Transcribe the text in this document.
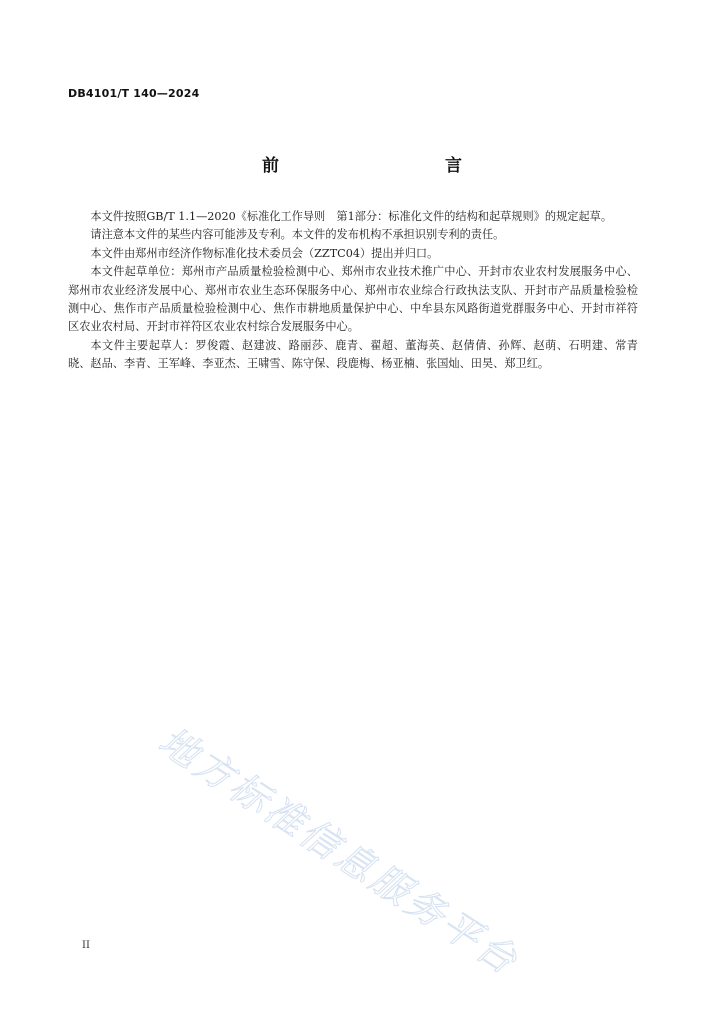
DB4101/T 140—2024
前　　言

本文件按照GB/T 1.1—2020《标准化工作导则　第1部分：标准化文件的结构和起草规则》的规定起草。

请注意本文件的某些内容可能涉及专利。本文件的发布机构不承担识别专利的责任。

本文件由郑州市经济作物标准化技术委员会（ZZTC04）提出并归口。

本文件起草单位：郑州市产品质量检验检测中心、郑州市农业技术推广中心、开封市农业农村发展服务中心、郑州市农业经济发展中心、郑州市农业生态环保服务中心、郑州市农业综合行政执法支队、开封市产品质量检验检测中心、焦作市产品质量检验检测中心、焦作市耕地质量保护中心、中牟县东风路街道党群服务中心、开封市祥符区农业农村局、开封市祥符区农业农村综合发展服务中心。

本文件主要起草人：罗俊霞、赵建波、路丽莎、鹿青、翟超、董海英、赵倩倩、孙辉、赵萌、石明建、常青晓、赵品、李青、王军峰、李亚杰、王啸雪、陈守保、段鹿梅、杨亚楠、张国灿、田昊、郑卫红。

地方标准信息服务平台
II
